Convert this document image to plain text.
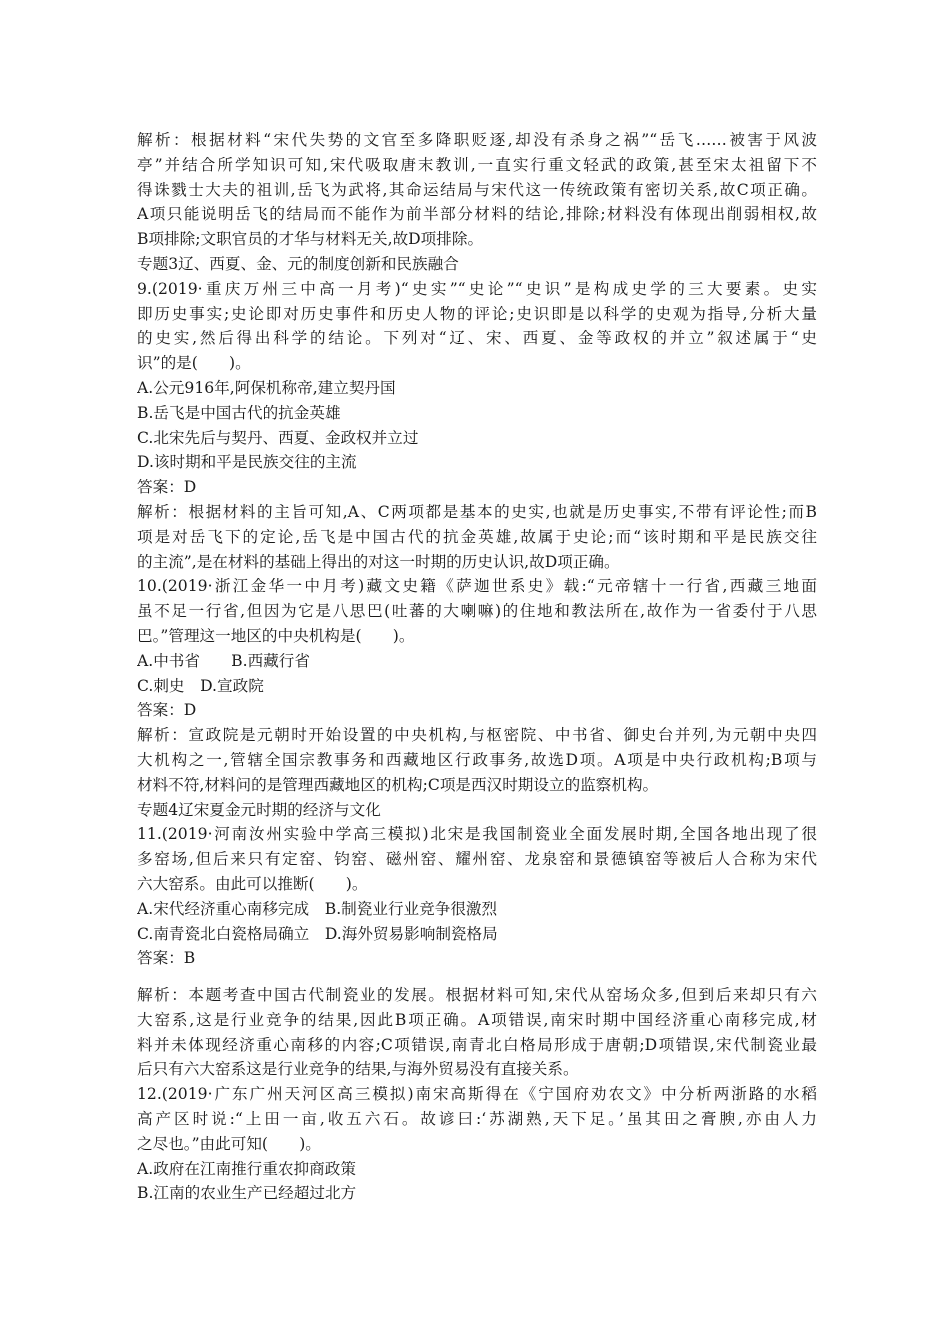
解析：根据材料“宋代失势的文官至多降职贬逐,却没有杀身之祸”“岳飞……被害于风波
亭”并结合所学知识可知,宋代吸取唐末教训,一直实行重文轻武的政策,甚至宋太祖留下不
得诛戮士大夫的祖训,岳飞为武将,其命运结局与宋代这一传统政策有密切关系,故C项正确。
A项只能说明岳飞的结局而不能作为前半部分材料的结论,排除;材料没有体现出削弱相权,故
B项排除;文职官员的才华与材料无关,故D项排除。
专题3辽、西夏、金、元的制度创新和民族融合
9.(2019·重庆万州三中高一月考)“史实”“史论”“史识”是构成史学的三大要素。史实
即历史事实;史论即对历史事件和历史人物的评论;史识即是以科学的史观为指导,分析大量
的史实,然后得出科学的结论。下列对“辽、宋、西夏、金等政权的并立”叙述属于“史
识”的是(　　)。
A.公元916年,阿保机称帝,建立契丹国
B.岳飞是中国古代的抗金英雄
C.北宋先后与契丹、西夏、金政权并立过
D.该时期和平是民族交往的主流
答案：D
解析：根据材料的主旨可知,A、C两项都是基本的史实,也就是历史事实,不带有评论性;而B
项是对岳飞下的定论,岳飞是中国古代的抗金英雄,故属于史论;而“该时期和平是民族交往
的主流”,是在材料的基础上得出的对这一时期的历史认识,故D项正确。
10.(2019·浙江金华一中月考)藏文史籍《萨迦世系史》载:“元帝辖十一行省,西藏三地面
虽不足一行省,但因为它是八思巴(吐蕃的大喇嘛)的住地和教法所在,故作为一省委付于八思
巴。”管理这一地区的中央机构是(　　)。
A.中书省　　B.西藏行省
C.刺史　D.宣政院
答案：D
解析：宣政院是元朝时开始设置的中央机构,与枢密院、中书省、御史台并列,为元朝中央四
大机构之一,管辖全国宗教事务和西藏地区行政事务,故选D项。A项是中央行政机构;B项与
材料不符,材料问的是管理西藏地区的机构;C项是西汉时期设立的监察机构。
专题4辽宋夏金元时期的经济与文化
11.(2019·河南汝州实验中学高三模拟)北宋是我国制瓷业全面发展时期,全国各地出现了很
多窑场,但后来只有定窑、钧窑、磁州窑、耀州窑、龙泉窑和景德镇窑等被后人合称为宋代
六大窑系。由此可以推断(　　)。
A.宋代经济重心南移完成　B.制瓷业行业竞争很激烈
C.南青瓷北白瓷格局确立　D.海外贸易影响制瓷格局
答案：B
解析：本题考查中国古代制瓷业的发展。根据材料可知,宋代从窑场众多,但到后来却只有六
大窑系,这是行业竞争的结果,因此B项正确。A项错误,南宋时期中国经济重心南移完成,材
料并未体现经济重心南移的内容;C项错误,南青北白格局形成于唐朝;D项错误,宋代制瓷业最
后只有六大窑系这是行业竞争的结果,与海外贸易没有直接关系。
12.(2019·广东广州天河区高三模拟)南宋高斯得在《宁国府劝农文》中分析两浙路的水稻
高产区时说:“上田一亩,收五六石。故谚曰:‘苏湖熟,天下足。’虽其田之膏腴,亦由人力
之尽也。”由此可知(　　)。
A.政府在江南推行重农抑商政策
B.江南的农业生产已经超过北方
